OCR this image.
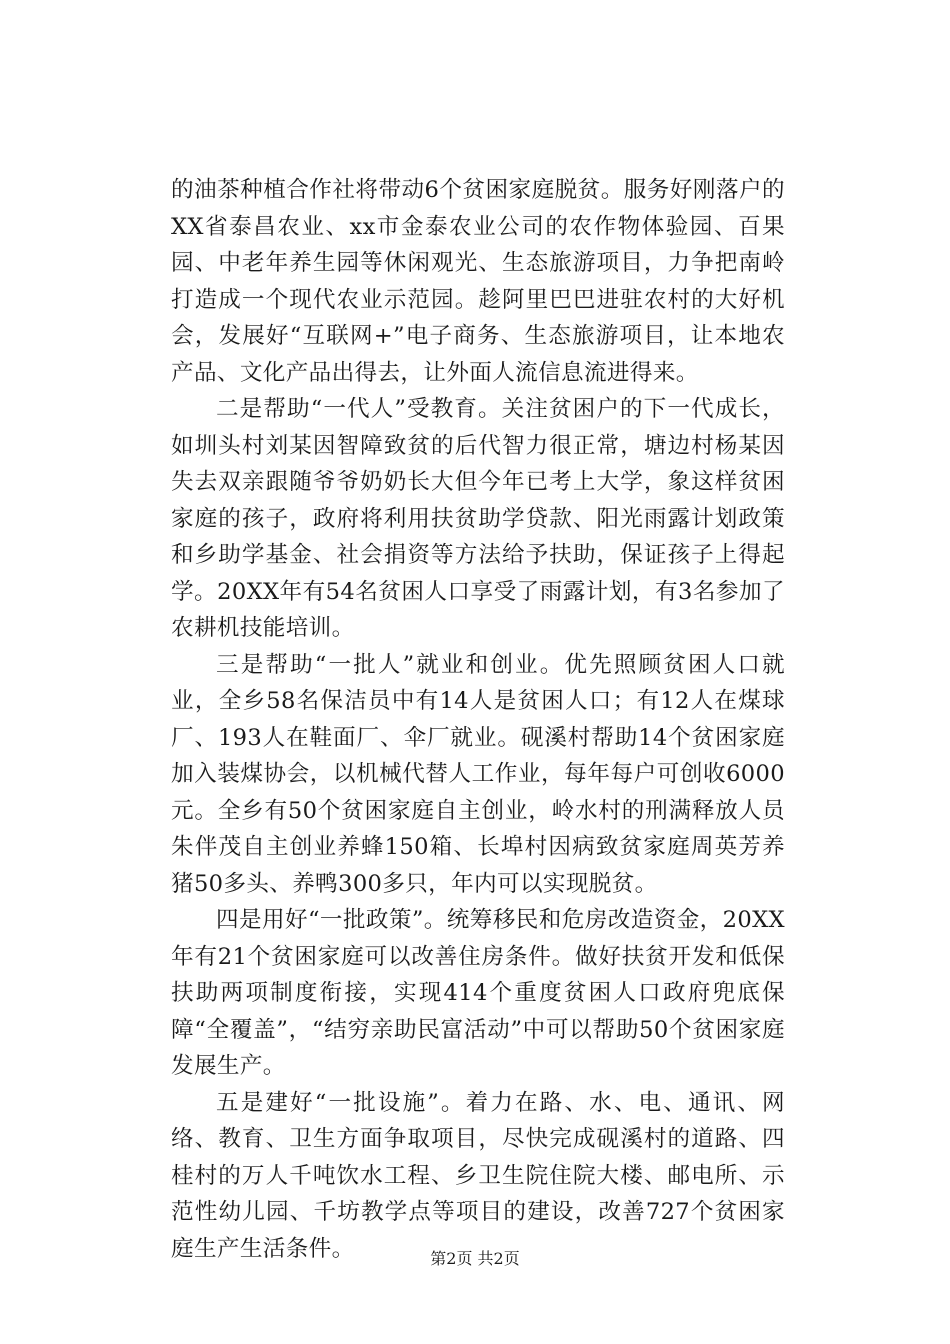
的油茶种植合作社将带动6个贫困家庭脱贫。服务好刚落户的XX省泰昌农业、xx市金泰农业公司的农作物体验园、百果园、中老年养生园等休闲观光、生态旅游项目，力争把南岭打造成一个现代农业示范园。趁阿里巴巴进驻农村的大好机会，发展好“互联网+”电子商务、生态旅游项目，让本地农产品、文化产品出得去，让外面人流信息流进得来。

二是帮助“一代人”受教育。关注贫困户的下一代成长，如圳头村刘某因智障致贫的后代智力很正常，塘边村杨某因失去双亲跟随爷爷奶奶长大但今年已考上大学，象这样贫困家庭的孩子，政府将利用扶贫助学贷款、阳光雨露计划政策和乡助学基金、社会捐资等方法给予扶助，保证孩子上得起学。20XX年有54名贫困人口享受了雨露计划，有3名参加了农耕机技能培训。

三是帮助“一批人”就业和创业。优先照顾贫困人口就业，全乡58名保洁员中有14人是贫困人口；有12人在煤球厂、193人在鞋面厂、伞厂就业。砚溪村帮助14个贫困家庭加入装煤协会，以机械代替人工作业，每年每户可创收6000元。全乡有50个贫困家庭自主创业，岭水村的刑满释放人员朱伴茂自主创业养蜂150箱、长埠村因病致贫家庭周英芳养猪50多头、养鸭300多只，年内可以实现脱贫。

四是用好“一批政策”。统筹移民和危房改造资金，20XX年有21个贫困家庭可以改善住房条件。做好扶贫开发和低保扶助两项制度衔接，实现414个重度贫困人口政府兜底保障“全覆盖”，“结穷亲助民富活动”中可以帮助50个贫困家庭发展生产。

五是建好“一批设施”。着力在路、水、电、通讯、网络、教育、卫生方面争取项目，尽快完成砚溪村的道路、四桂村的万人千吨饮水工程、乡卫生院住院大楼、邮电所、示范性幼儿园、千坊教学点等项目的建设，改善727个贫困家庭生产生活条件。	第2页 共2页
